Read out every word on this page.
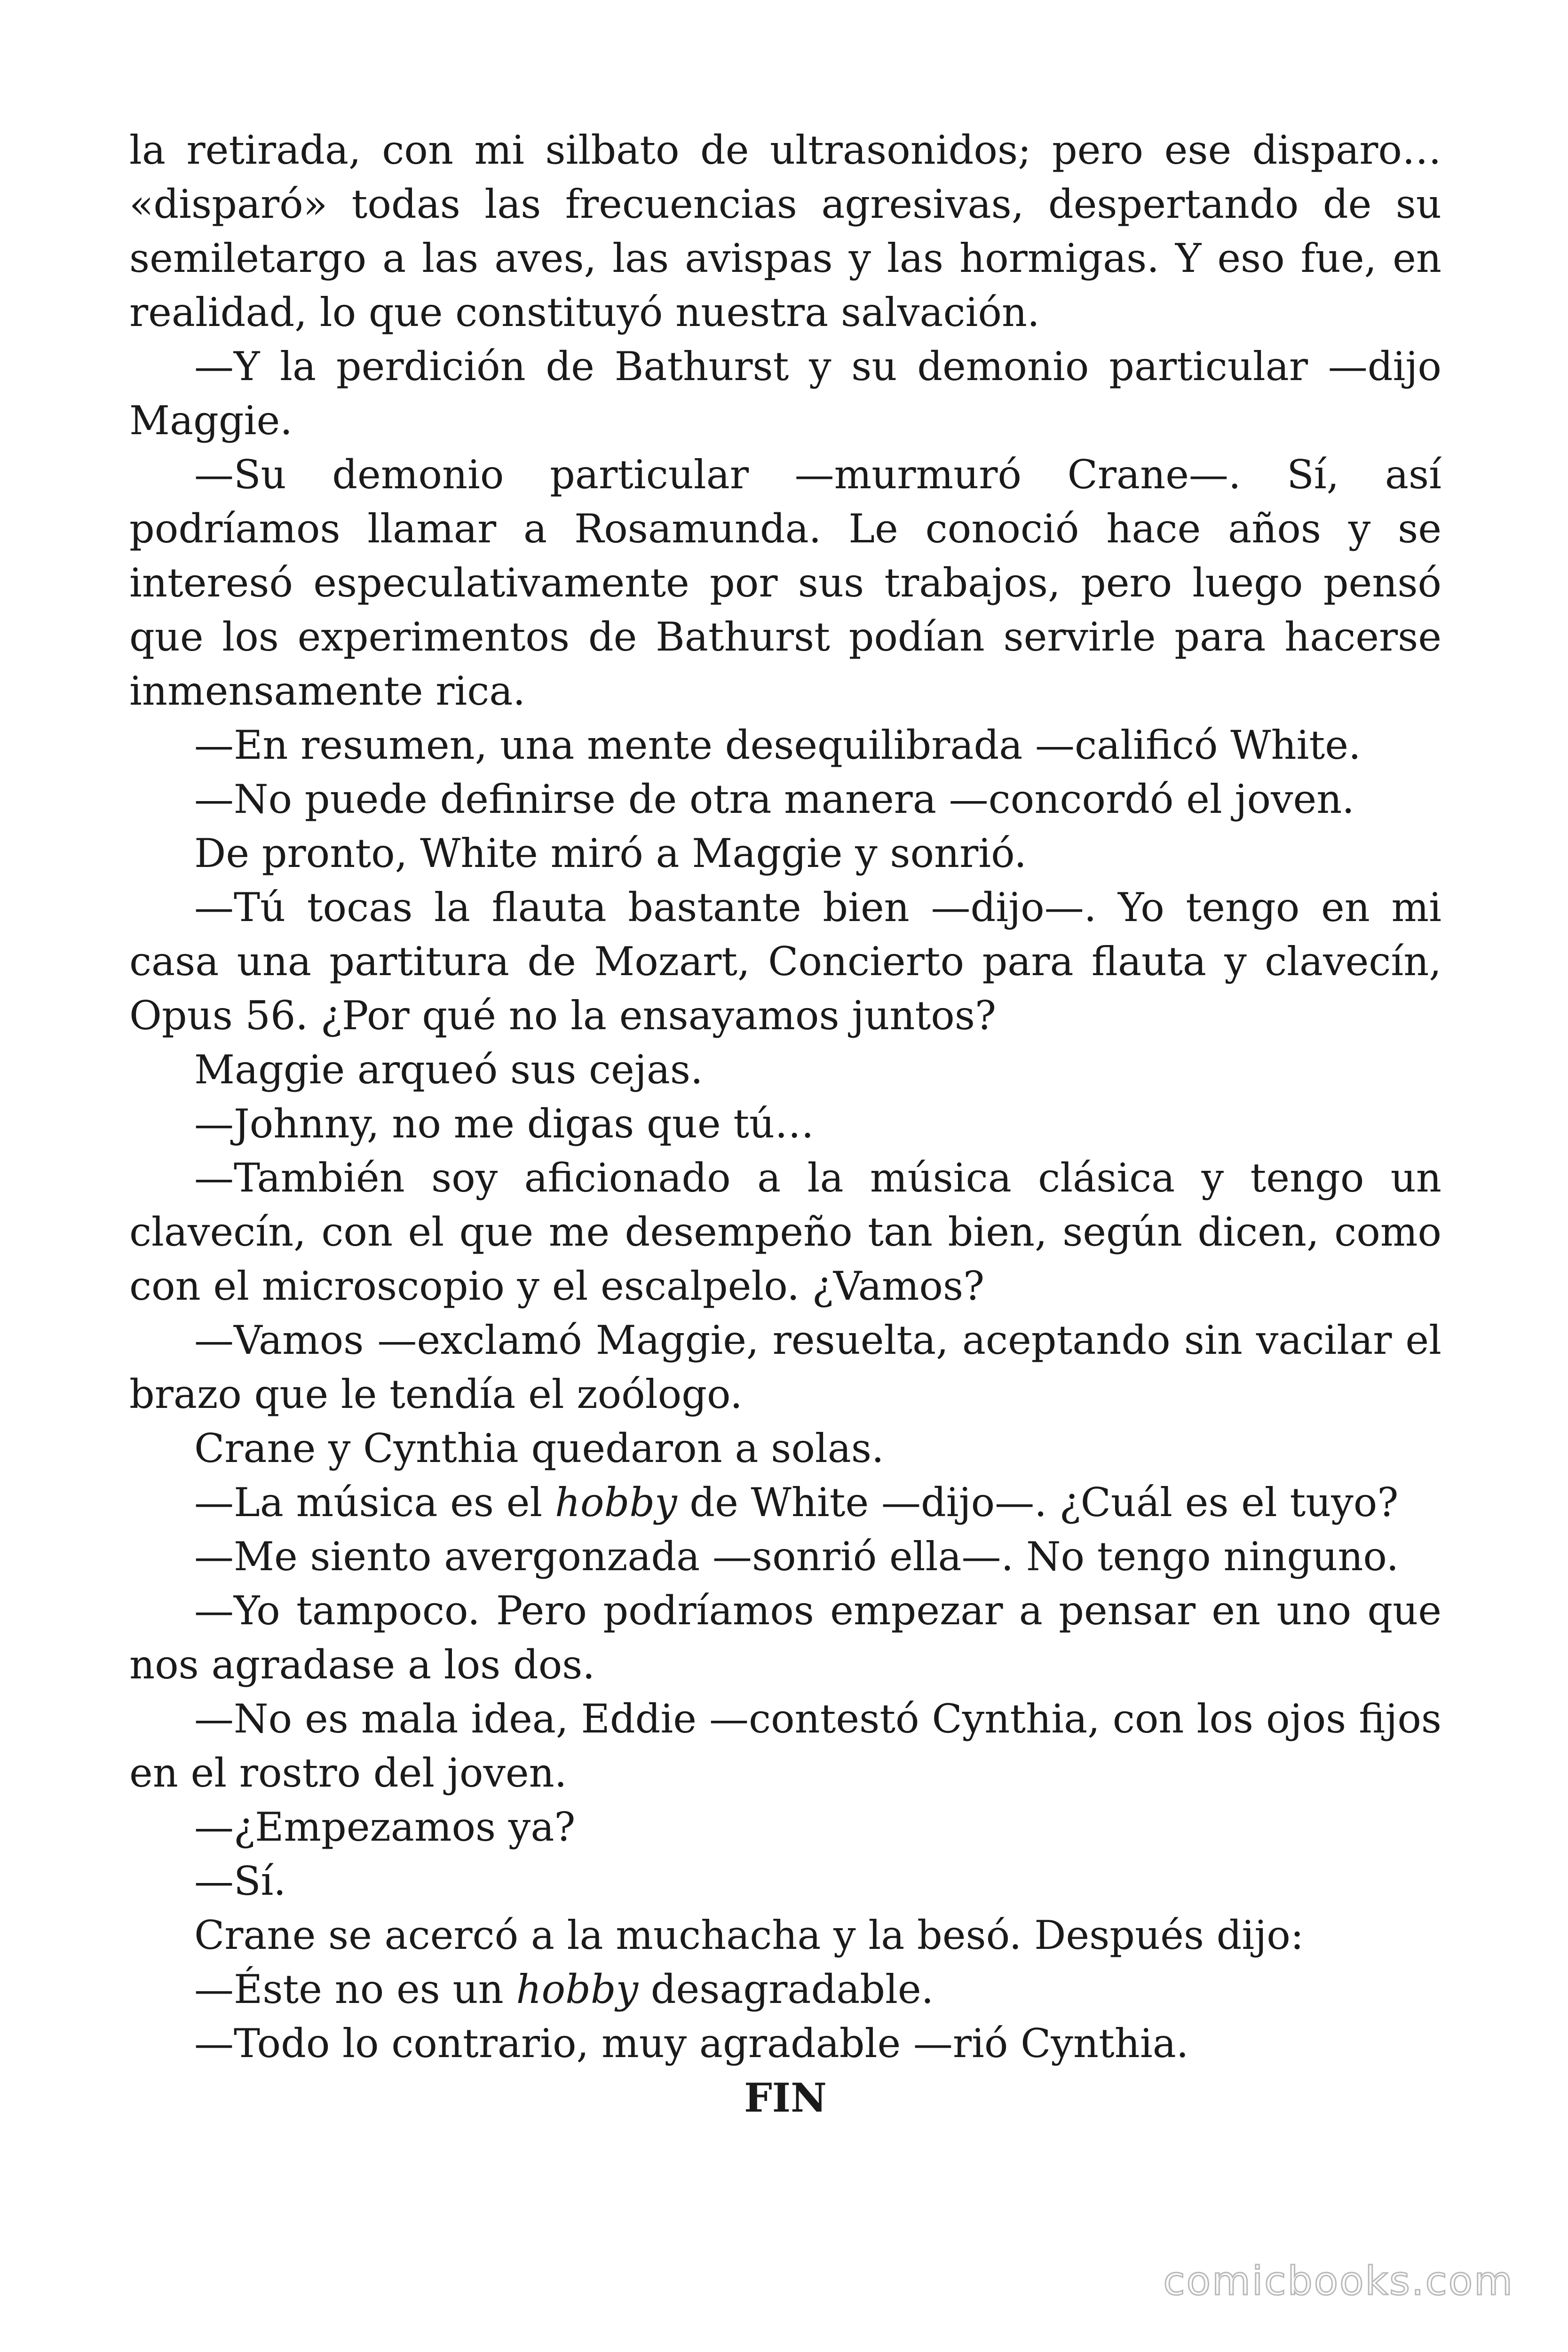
la retirada, con mi silbato de ultrasonidos; pero ese disparo… «disparó» todas las frecuencias agresivas, despertando de su semiletargo a las aves, las avispas y las hormigas. Y eso fue, en realidad, lo que constituyó nuestra salvación.

—Y la perdición de Bathurst y su demonio particular —dijo Maggie.

—Su demonio particular —murmuró Crane—. Sí, así podríamos llamar a Rosamunda. Le conoció hace años y se interesó especulativamente por sus trabajos, pero luego pensó que los experimentos de Bathurst podían servirle para hacerse inmensamente rica.

—En resumen, una mente desequilibrada —calificó White.

—No puede definirse de otra manera —concordó el joven.

De pronto, White miró a Maggie y sonrió.

—Tú tocas la flauta bastante bien —dijo—. Yo tengo en mi casa una partitura de Mozart, Concierto para flauta y clavecín, Opus 56. ¿Por qué no la ensayamos juntos?

Maggie arqueó sus cejas.

—Johnny, no me digas que tú…

—También soy aficionado a la música clásica y tengo un clavecín, con el que me desempeño tan bien, según dicen, como con el microscopio y el escalpelo. ¿Vamos?

—Vamos —exclamó Maggie, resuelta, aceptando sin vacilar el brazo que le tendía el zoólogo.

Crane y Cynthia quedaron a solas.

—La música es el hobby de White —dijo—. ¿Cuál es el tuyo?

—Me siento avergonzada —sonrió ella—. No tengo ninguno.

—Yo tampoco. Pero podríamos empezar a pensar en uno que nos agradase a los dos.

—No es mala idea, Eddie —contestó Cynthia, con los ojos fijos en el rostro del joven.

—¿Empezamos ya?

—Sí.

Crane se acercó a la muchacha y la besó. Después dijo:

—Éste no es un hobby desagradable.

—Todo lo contrario, muy agradable —rió Cynthia.

FIN

comicbooks.com
